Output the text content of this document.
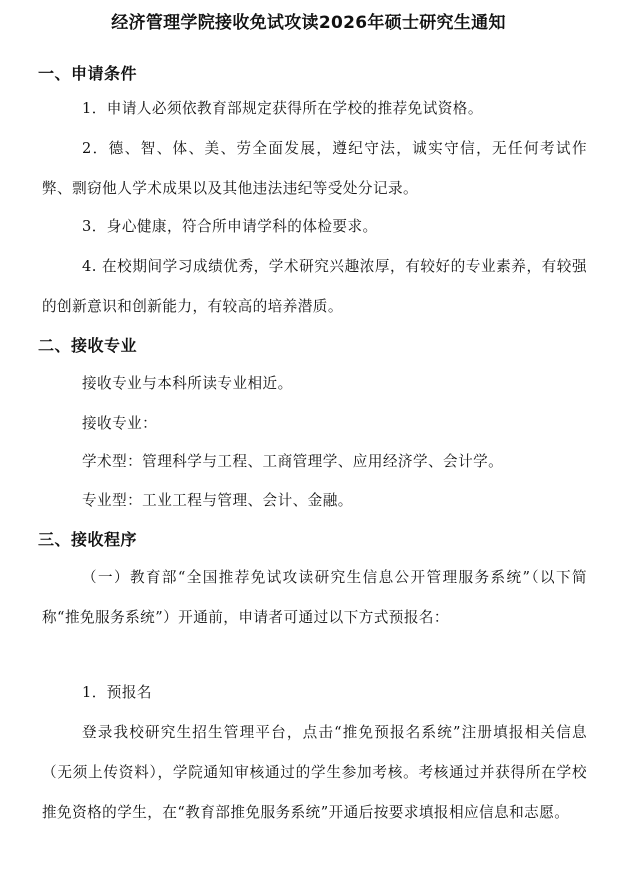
经济管理学院接收免试攻读2026年硕士研究生通知
一、申请条件
1．申请人必须依教育部规定获得所在学校的推荐免试资格。
2．德、智、体、美、劳全面发展，遵纪守法，诚实守信，无任何考试作弊、剽窃他人学术成果以及其他违法违纪等受处分记录。
3．身心健康，符合所申请学科的体检要求。
4. 在校期间学习成绩优秀，学术研究兴趣浓厚，有较好的专业素养，有较强的创新意识和创新能力，有较高的培养潜质。
二、接收专业
接收专业与本科所读专业相近。
接收专业：
学术型：管理科学与工程、工商管理学、应用经济学、会计学。
专业型：工业工程与管理、会计、金融。
三、接收程序
（一）教育部“全国推荐免试攻读研究生信息公开管理服务系统”（以下简称“推免服务系统”）开通前，申请者可通过以下方式预报名：
1．预报名
登录我校研究生招生管理平台，点击“推免预报名系统”注册填报相关信息（无须上传资料），学院通知审核通过的学生参加考核。考核通过并获得所在学校推免资格的学生，在“教育部推免服务系统”开通后按要求填报相应信息和志愿。
